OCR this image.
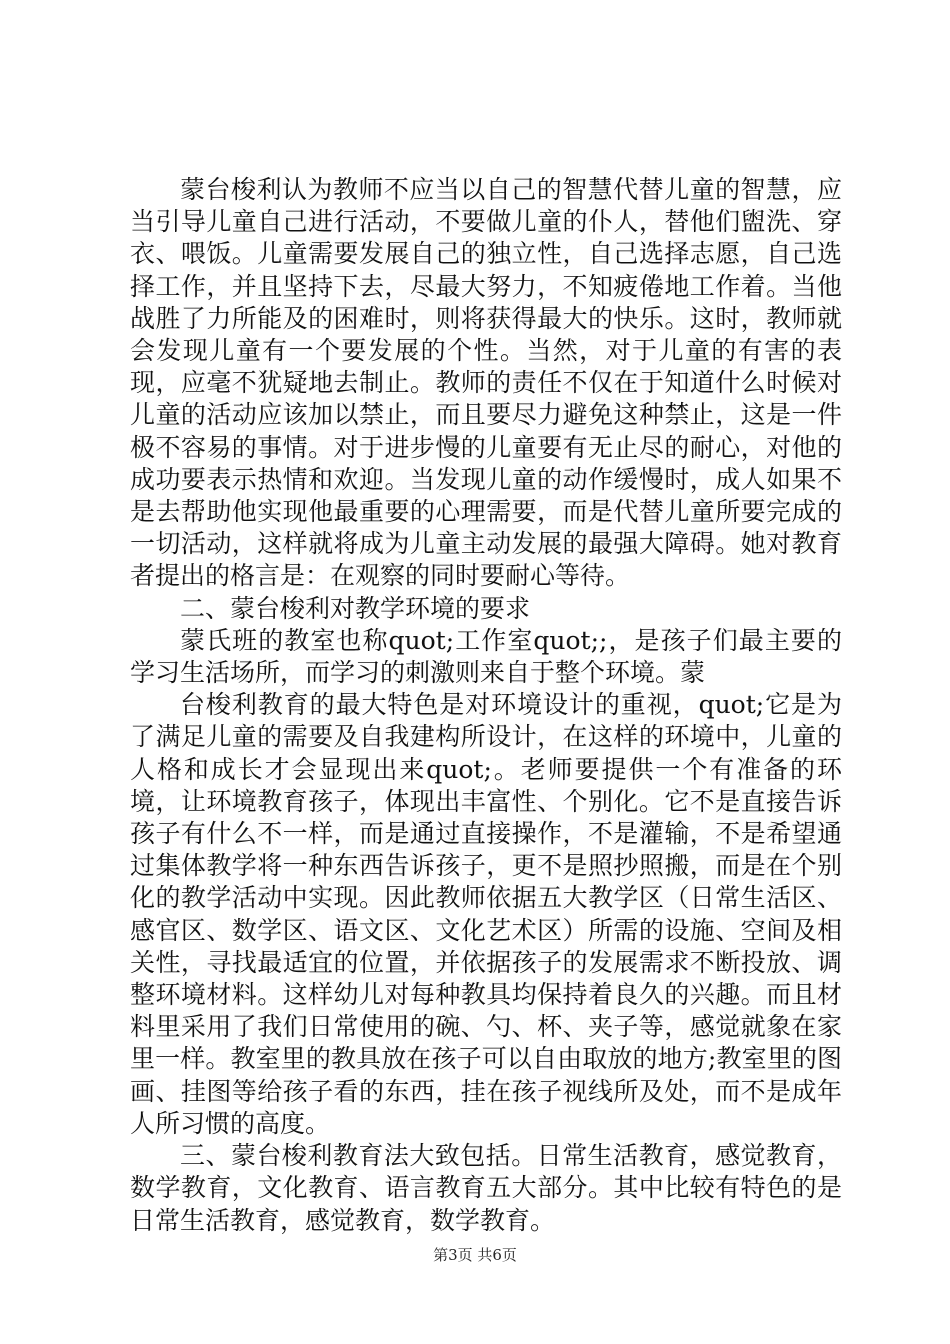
蒙台梭利认为教师不应当以自己的智慧代替儿童的智慧，应当引导儿童自己进行活动，不要做儿童的仆人，替他们盥洗、穿衣、喂饭。儿童需要发展自己的独立性，自己选择志愿，自己选择工作，并且坚持下去，尽最大努力，不知疲倦地工作着。当他战胜了力所能及的困难时，则将获得最大的快乐。这时，教师就会发现儿童有一个要发展的个性。当然，对于儿童的有害的表现，应毫不犹疑地去制止。教师的责任不仅在于知道什么时候对儿童的活动应该加以禁止，而且要尽力避免这种禁止，这是一件极不容易的事情。对于进步慢的儿童要有无止尽的耐心，对他的成功要表示热情和欢迎。当发现儿童的动作缓慢时，成人如果不是去帮助他实现他最重要的心理需要，而是代替儿童所要完成的一切活动，这样就将成为儿童主动发展的最强大障碍。她对教育者提出的格言是：在观察的同时要耐心等待。

二、蒙台梭利对教学环境的要求

蒙氏班的教室也称quot;工作室quot;;，是孩子们最主要的学习生活场所，而学习的刺激则来自于整个环境。蒙

台梭利教育的最大特色是对环境设计的重视，quot;它是为了满足儿童的需要及自我建构所设计，在这样的环境中，儿童的人格和成长才会显现出来quot;。老师要提供一个有准备的环境，让环境教育孩子，体现出丰富性、个别化。它不是直接告诉孩子有什么不一样，而是通过直接操作，不是灌输，不是希望通过集体教学将一种东西告诉孩子，更不是照抄照搬，而是在个别化的教学活动中实现。因此教师依据五大教学区（日常生活区、感官区、数学区、语文区、文化艺术区）所需的设施、空间及相关性，寻找最适宜的位置，并依据孩子的发展需求不断投放、调整环境材料。这样幼儿对每种教具均保持着良久的兴趣。而且材料里采用了我们日常使用的碗、勺、杯、夹子等，感觉就象在家里一样。教室里的教具放在孩子可以自由取放的地方;教室里的图画、挂图等给孩子看的东西，挂在孩子视线所及处，而不是成年人所习惯的高度。

三、蒙台梭利教育法大致包括。日常生活教育，感觉教育，数学教育，文化教育、语言教育五大部分。其中比较有特色的是日常生活教育，感觉教育，数学教育。

第3页 共6页
